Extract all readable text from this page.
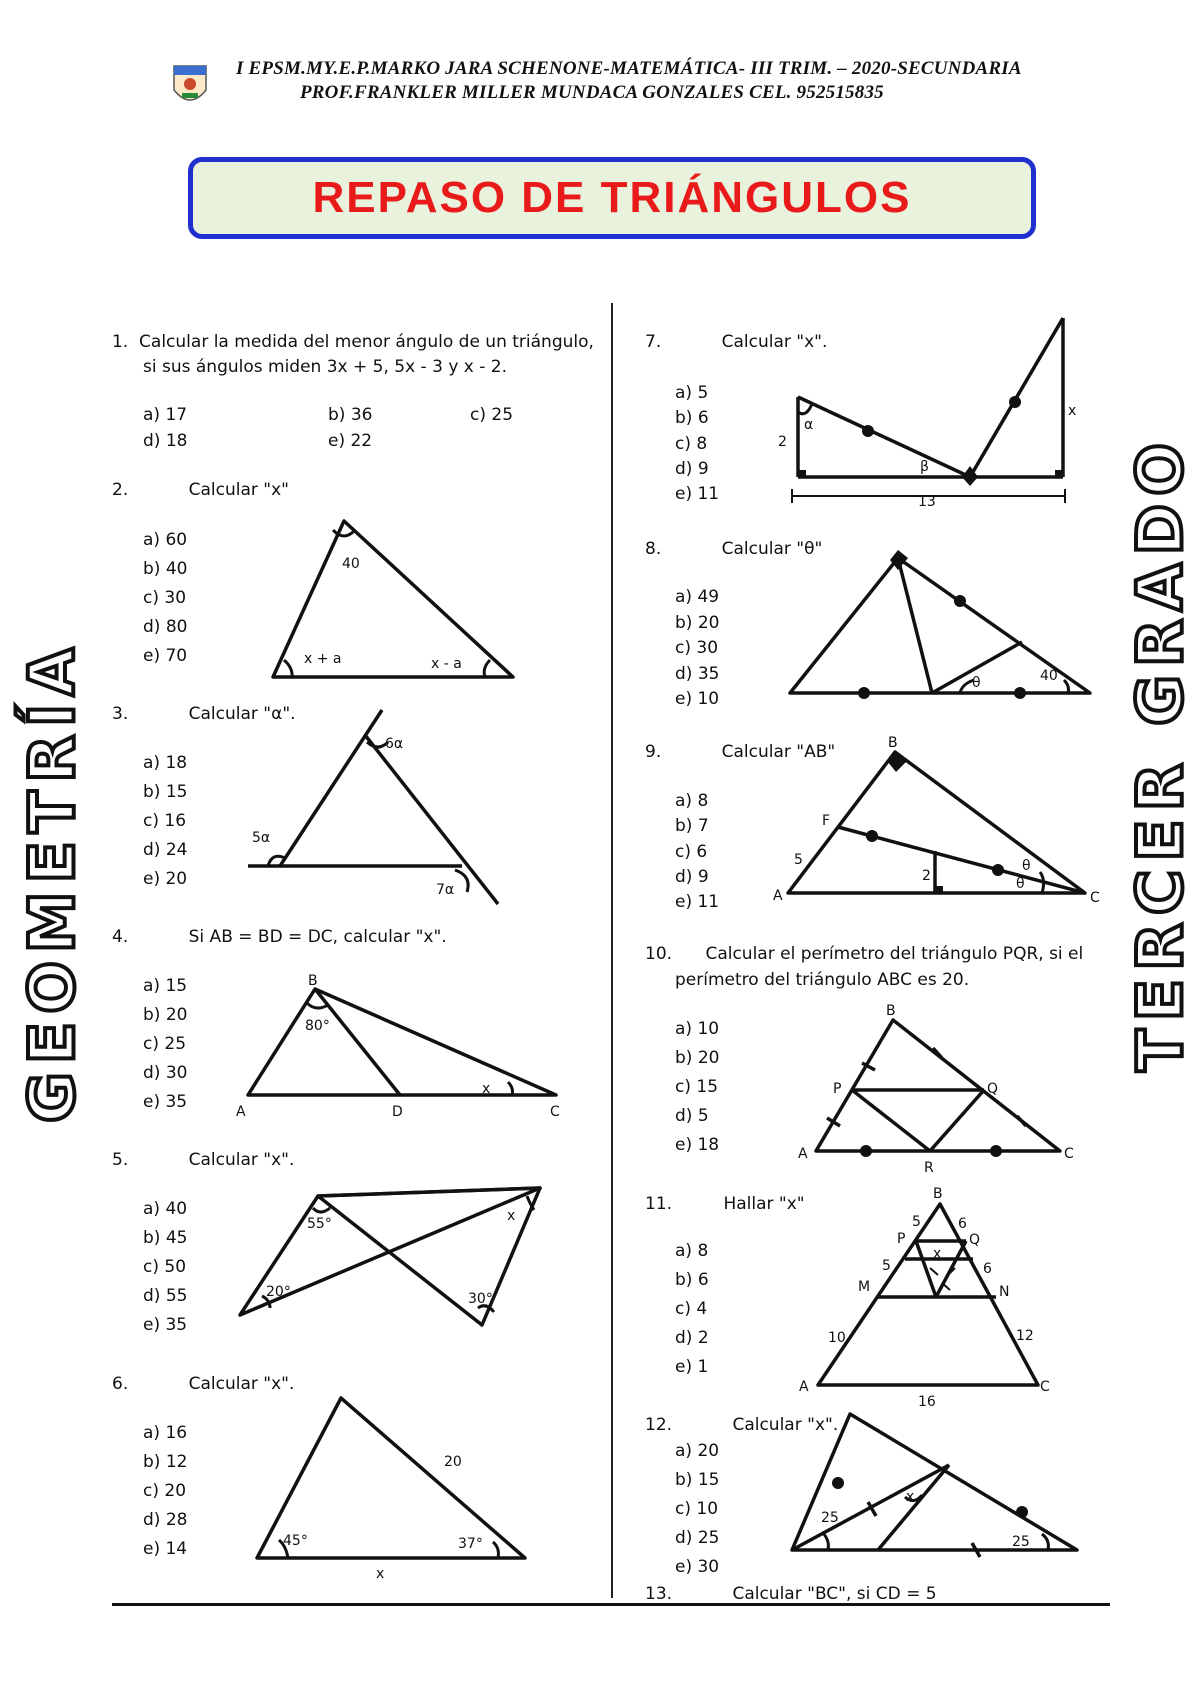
I EPSM.MY.E.P.MARKO JARA SCHENONE-MATEMÁTICA- III TRIM. – 2020-SECUNDARIA
PROF.FRANKLER MILLER MUNDACA GONZALES CEL. 952515835
REPASO DE TRIÁNGULOS
GEOMETRÍA	TERCER GRADO
1. Calcular la medida del menor ángulo de un triángulo,
si sus ángulos miden 3x + 5, 5x - 3 y x - 2.
a) 17	b) 36	c) 25
d) 18	e) 22
2.	Calcular "x"
a) 60
b) 40
c) 30
d) 80
e) 70
40
x + a	x - a
3.	Calcular "α".
a) 18
b) 15
c) 16
d) 24
e) 20
5α
6α
7α
4.	Si AB = BD = DC, calcular "x".
a) 15
b) 20
c) 25
d) 30
e) 35
B
A	D	C
80°
x
5.	Calcular "x".
a) 40
b) 45
c) 50
d) 55
e) 35
55°
20°	30°
x
6.	Calcular "x".
a) 16
b) 12
c) 20
d) 28
e) 14
20
45°	37°
x
7.	Calcular "x".
a) 5
b) 6
c) 8
d) 9
e) 11
α
β
2
x
13
8.	Calcular "θ"
a) 49
b) 20
c) 30
d) 35
e) 10
θ	40
9.	Calcular "AB"
a) 8
b) 7
c) 6
d) 9
e) 11
B
F
A	C
5
2
θ
θ
10. Calcular el perímetro del triángulo PQR, si el
perímetro del triángulo ABC es 20.
a) 10
b) 20
c) 15
d) 5
e) 18
B
P	Q
A
R
C
11.	Hallar "x"
a) 8
b) 6
c) 4
d) 2
e) 1
B
P	Q
M	N
A	C
5	6
5	6
10	12
16
x
12.	Calcular "x".
a) 20
b) 15
c) 10
d) 25
e) 30
25
25
x
13.	Calcular "BC", si CD = 5
